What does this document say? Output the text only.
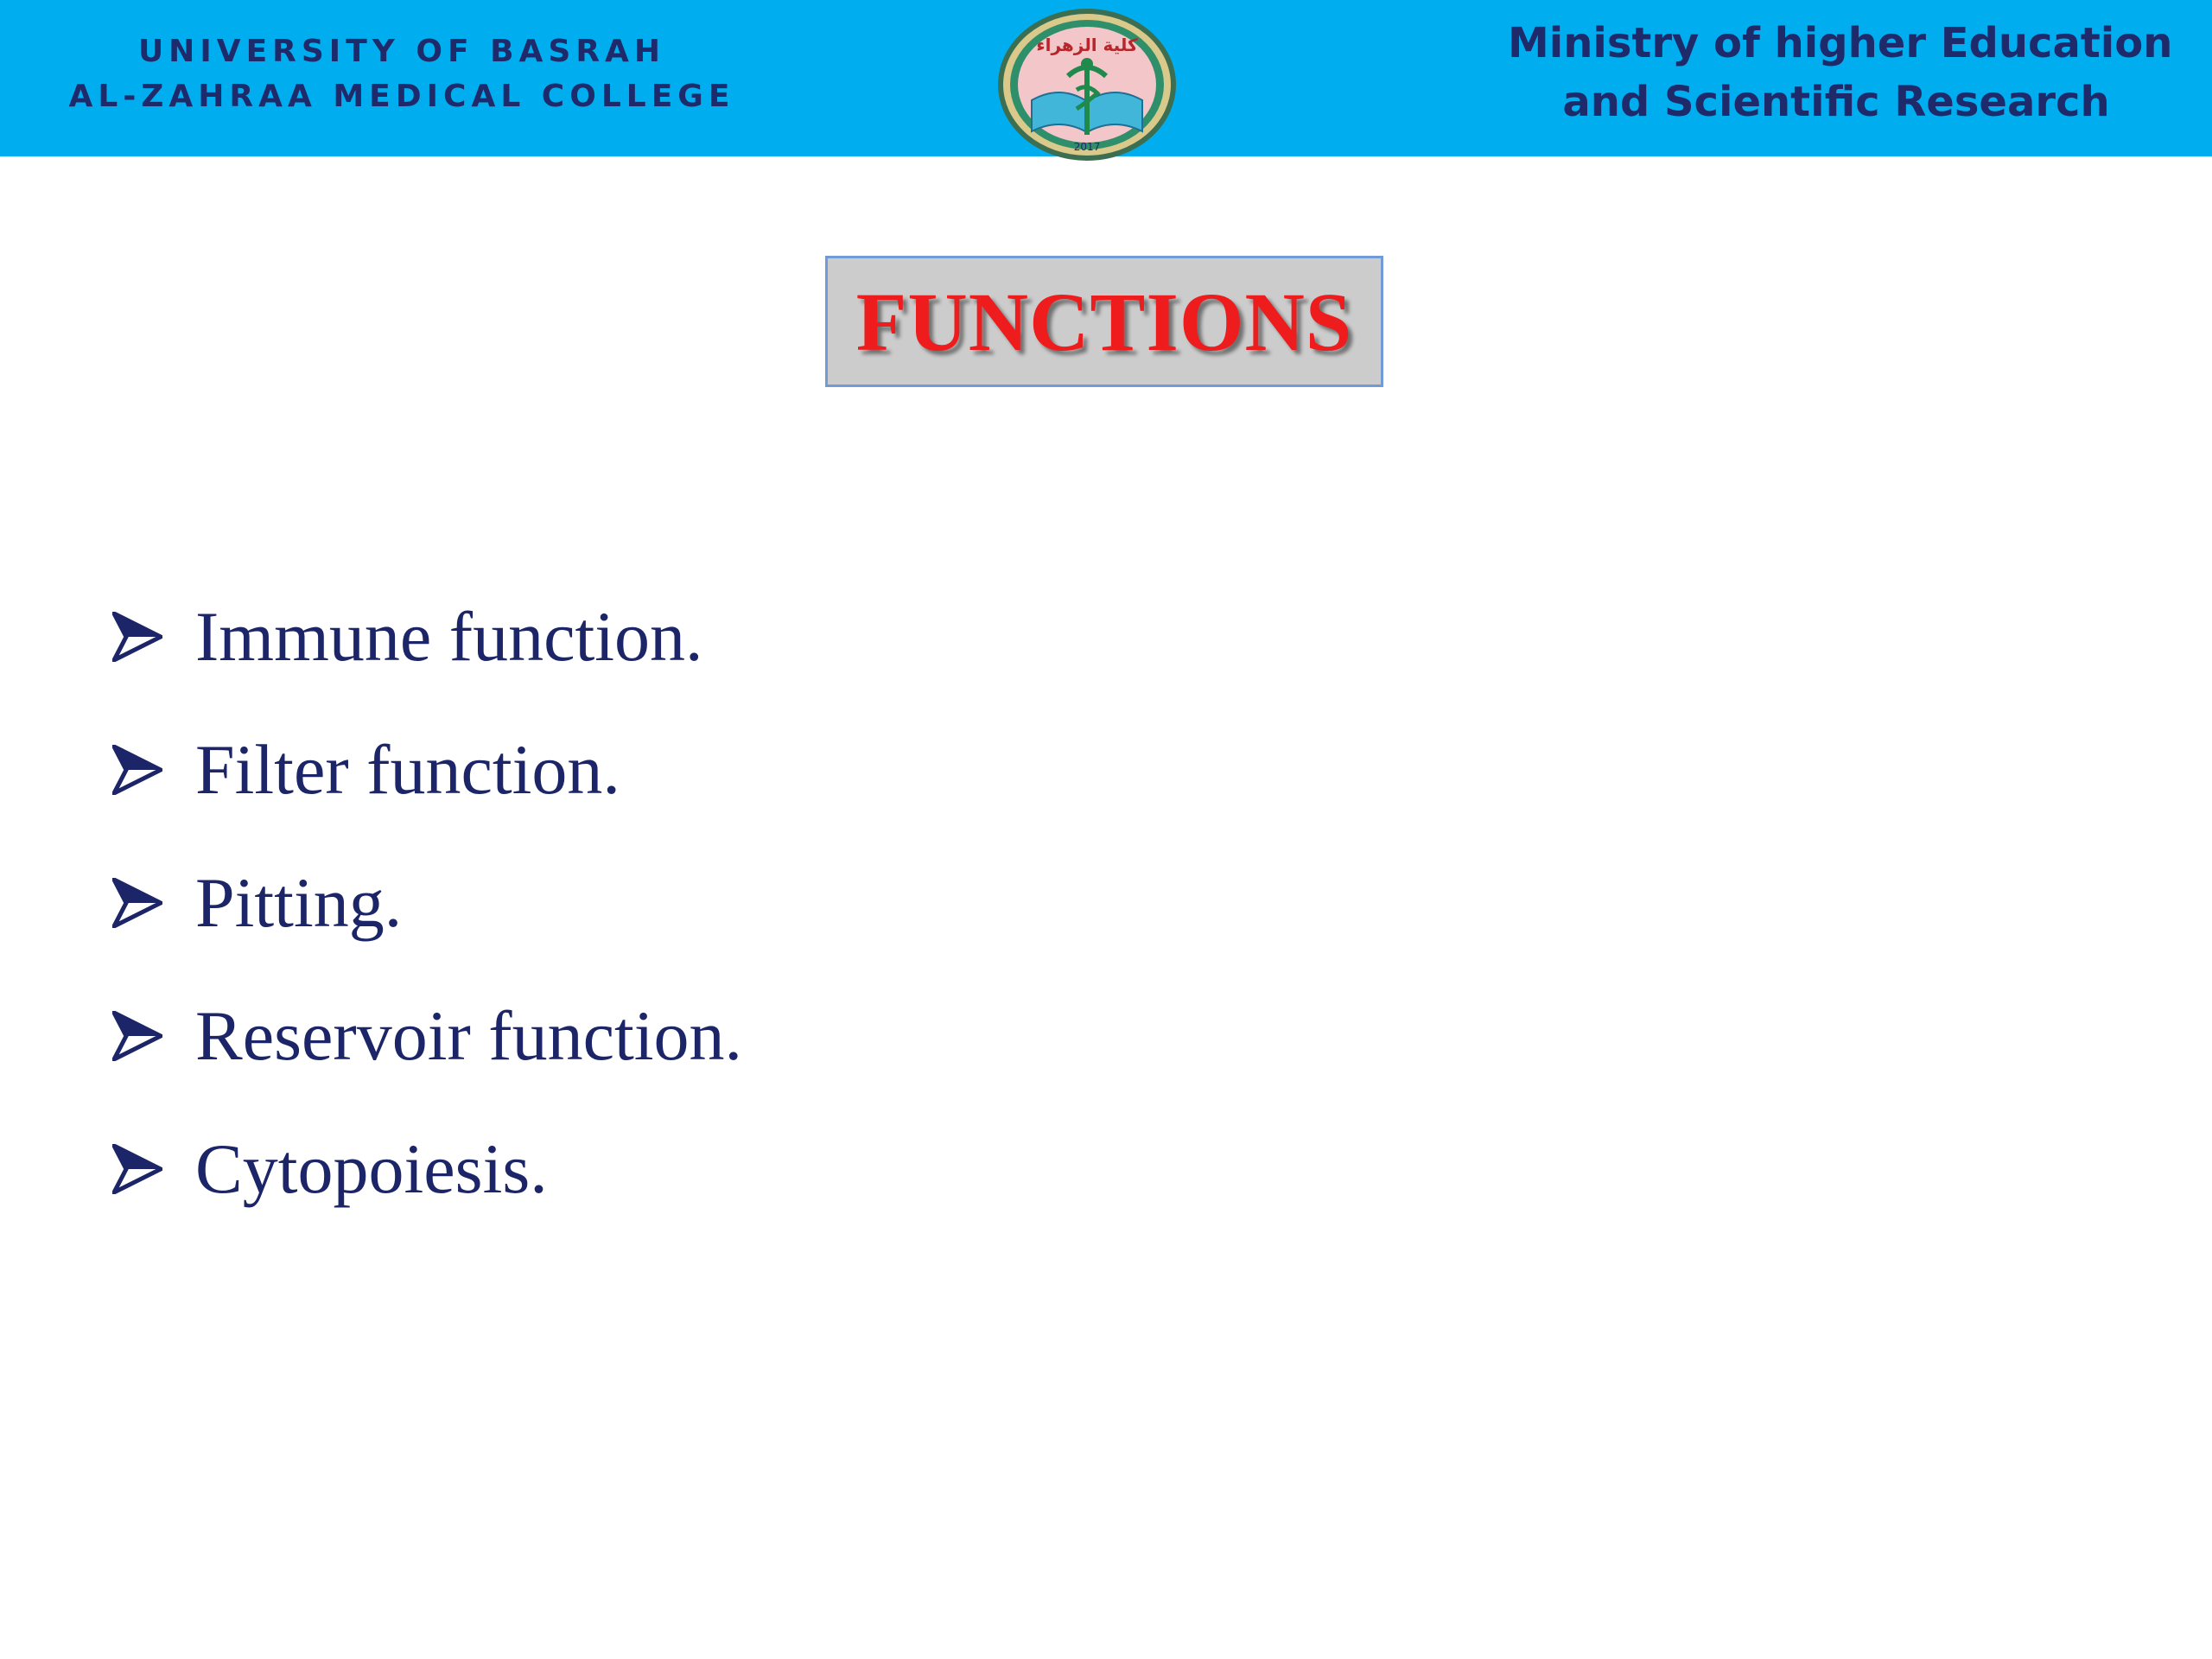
UNIVERSITY OF BASRAH
AL-ZAHRAA MEDICAL COLLEGE
Ministry of higher Education
and Scientific Research
كلية الزهراء
2017
FUNCTIONS
Immune function.
Filter function.
Pitting.
Reservoir function.
Cytopoiesis.
